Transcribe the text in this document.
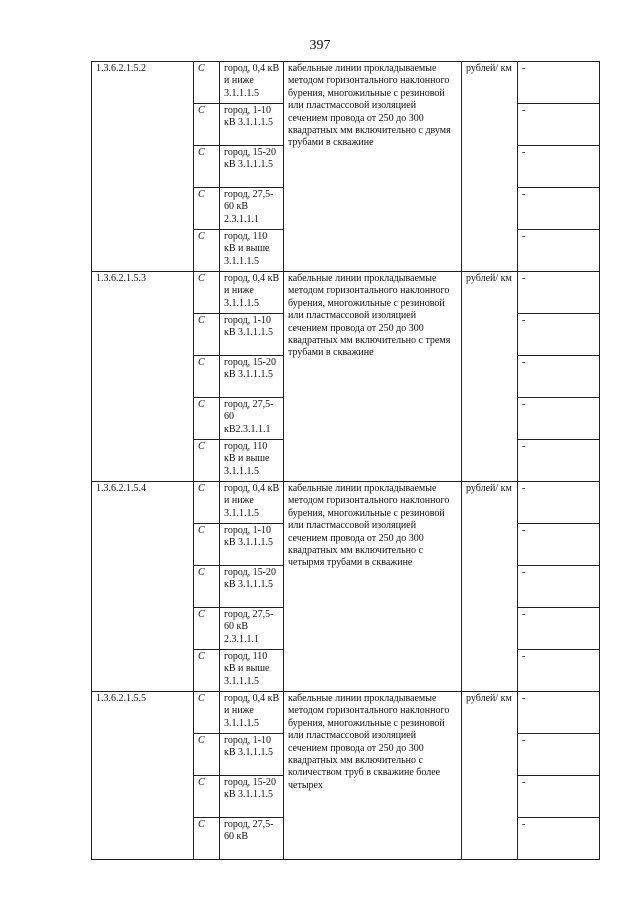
397
1.3.6.2.1.5.2	С	город, 0,4 кВ и ниже 3.1.1.1.5	кабельные линии прокладываемые методом горизонтального наклонного бурения, многожильные с резиновой или пластмассовой изоляцией сечением провода от 250 до 300 квадратных мм включительно с двумя трубами в скважине	рублей/ км	-
	С	город, 1-10 кВ 3.1.1.1.5			-
	С	город, 15-20 кВ 3.1.1.1.5			-
	С	город, 27,5-60 кВ 2.3.1.1.1			-
	С	город, 110 кВ и выше 3.1.1.1.5			-
1.3.6.2.1.5.3	С	город, 0,4 кВ и ниже 3.1.1.1.5	кабельные линии прокладываемые методом горизонтального наклонного бурения, многожильные с резиновой или пластмассовой изоляцией сечением провода от 250 до 300 квадратных мм включительно с тремя трубами в скважине	рублей/ км	-
	С	город, 1-10 кВ 3.1.1.1.5			-
	С	город, 15-20 кВ 3.1.1.1.5			-
	С	город, 27,5-60 кВ2.3.1.1.1			-
	С	город, 110 кВ и выше 3.1.1.1.5			-
1.3.6.2.1.5.4	С	город, 0,4 кВ и ниже 3.1.1.1.5	кабельные линии прокладываемые методом горизонтального наклонного бурения, многожильные с резиновой или пластмассовой изоляцией сечением провода от 250 до 300 квадратных мм включительно с четырмя трубами в скважине	рублей/ км	-
	С	город, 1-10 кВ 3.1.1.1.5			-
	С	город, 15-20 кВ 3.1.1.1.5			-
	С	город, 27,5-60 кВ 2.3.1.1.1			-
	С	город, 110 кВ и выше 3.1.1.1.5			-
1.3.6.2.1.5.5	С	город, 0,4 кВ и ниже 3.1.1.1.5	кабельные линии прокладываемые методом горизонтального наклонного бурения, многожильные с резиновой или пластмассовой изоляцией сечением провода от 250 до 300 квадратных мм включительно с количеством труб в скважине более четырех	рублей/ км	-
	С	город, 1-10 кВ 3.1.1.1.5			-
	С	город, 15-20 кВ 3.1.1.1.5			-
	С	город, 27,5-60 кВ			-
